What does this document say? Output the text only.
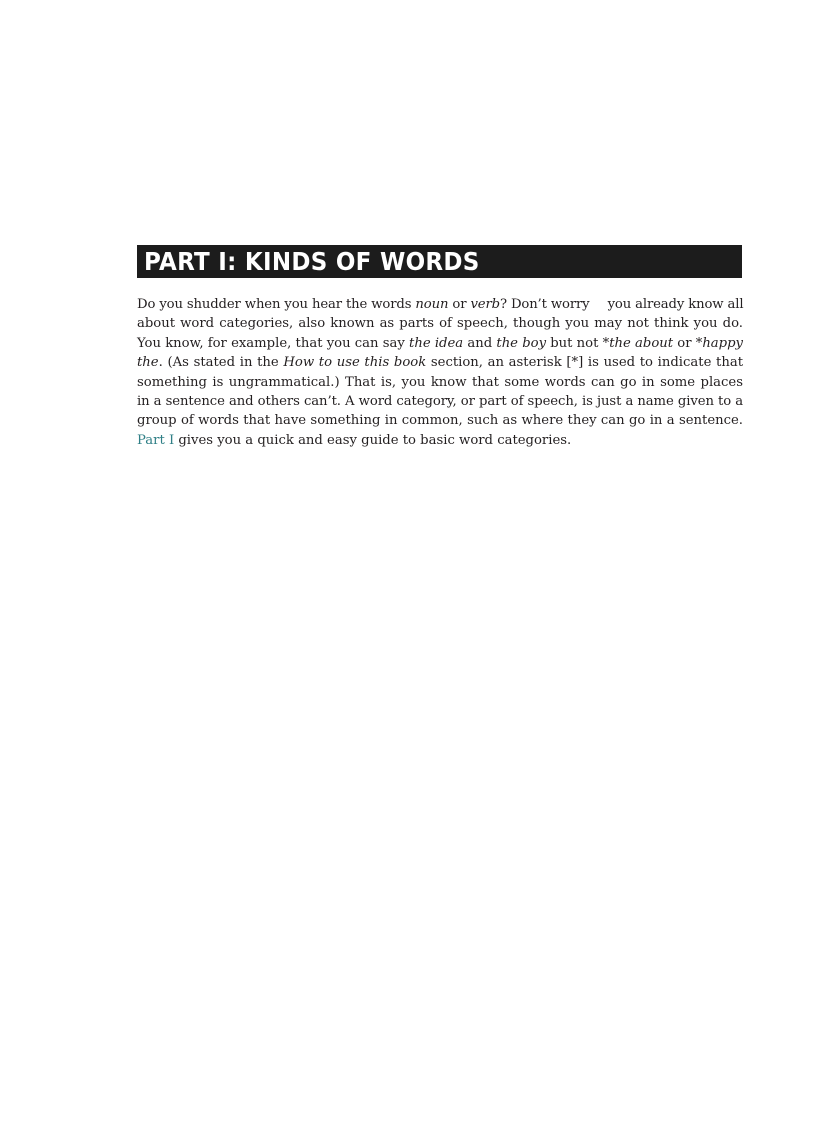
PART I: KINDS OF WORDS

Do you shudder when you hear the words noun or verb? Don’t worry you already know all
about word categories, also known as parts of speech, though you may not think you do.
You know, for example, that you can say the idea and the boy but not *the about or *happy
the. (As stated in the How to use this book section, an asterisk [*] is used to indicate that
something is ungrammatical.) That is, you know that some words can go in some places
in a sentence and others can’t. A word category, or part of speech, is just a name given to a
group of words that have something in common, such as where they can go in a sentence.
Part I gives you a quick and easy guide to basic word categories.
